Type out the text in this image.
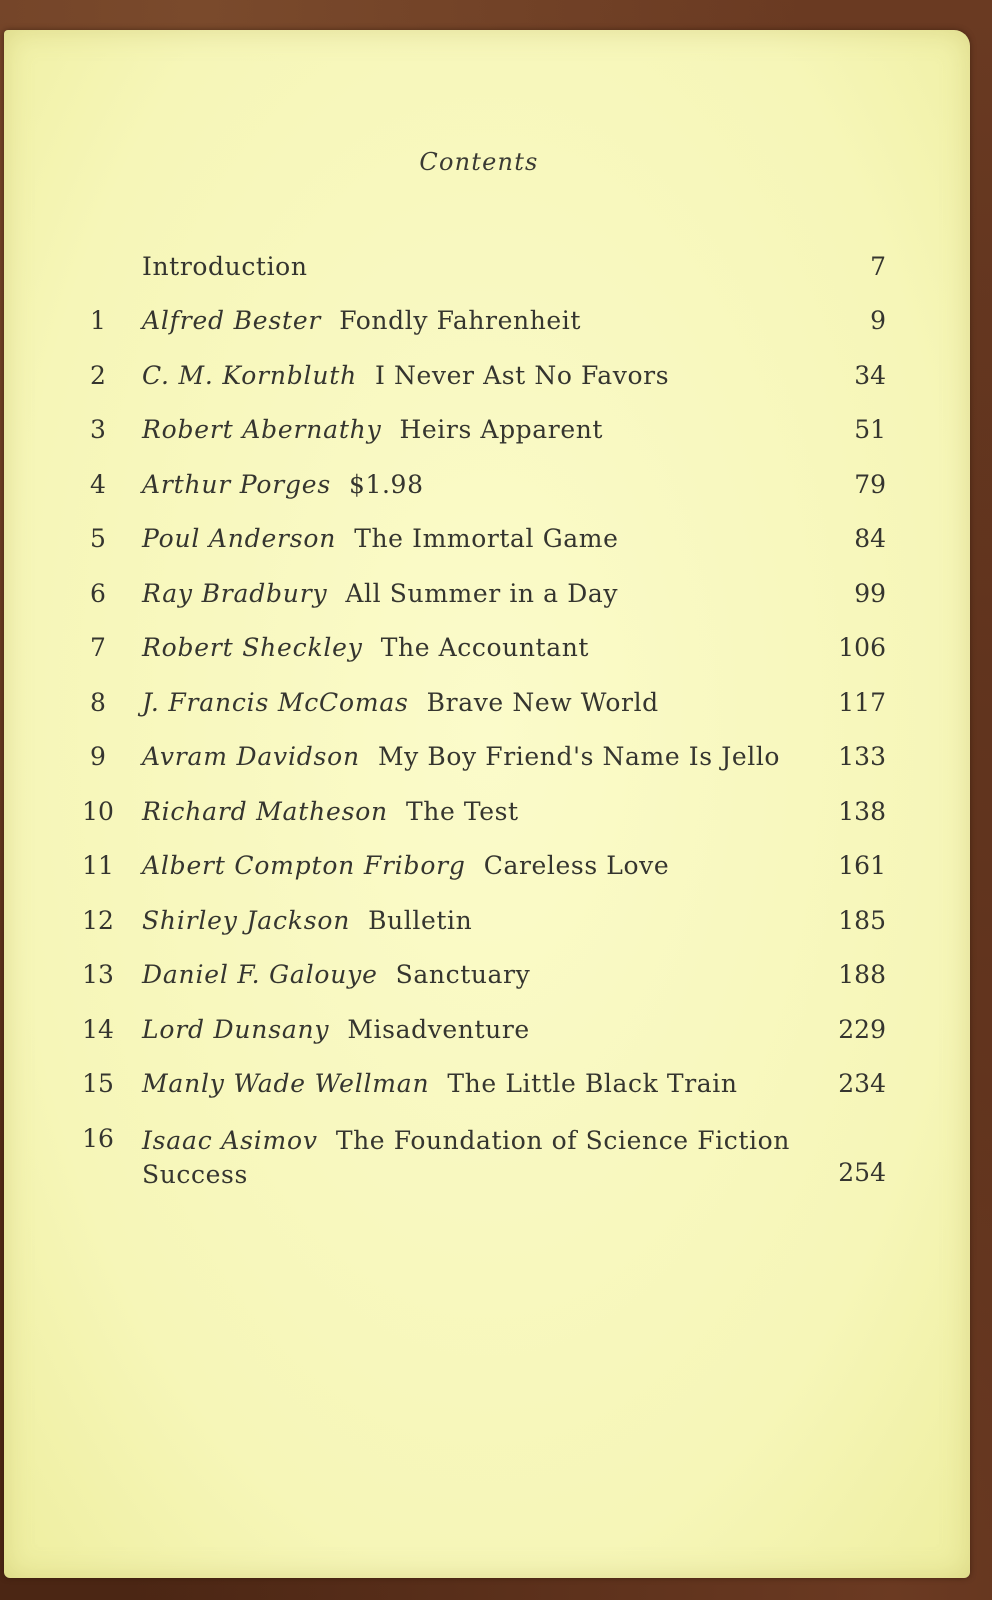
Contents
Introduction	7
1	Alfred Bester Fondly Fahrenheit	9
2	C. M. Kornbluth I Never Ast No Favors	34
3	Robert Abernathy Heirs Apparent	51
4	Arthur Porges $1.98	79
5	Poul Anderson The Immortal Game	84
6	Ray Bradbury All Summer in a Day	99
7	Robert Sheckley The Accountant	106
8	J. Francis McComas Brave New World	117
9	Avram Davidson My Boy Friend's Name Is Jello	133
10 Richard Matheson The Test	138
11 Albert Compton Friborg Careless Love	161
12 Shirley Jackson Bulletin	185
13 Daniel F. Galouye Sanctuary	188
14 Lord Dunsany Misadventure	229
15 Manly Wade Wellman The Little Black Train	234
16 Isaac Asimov The Foundation of Science Fiction Success	254
